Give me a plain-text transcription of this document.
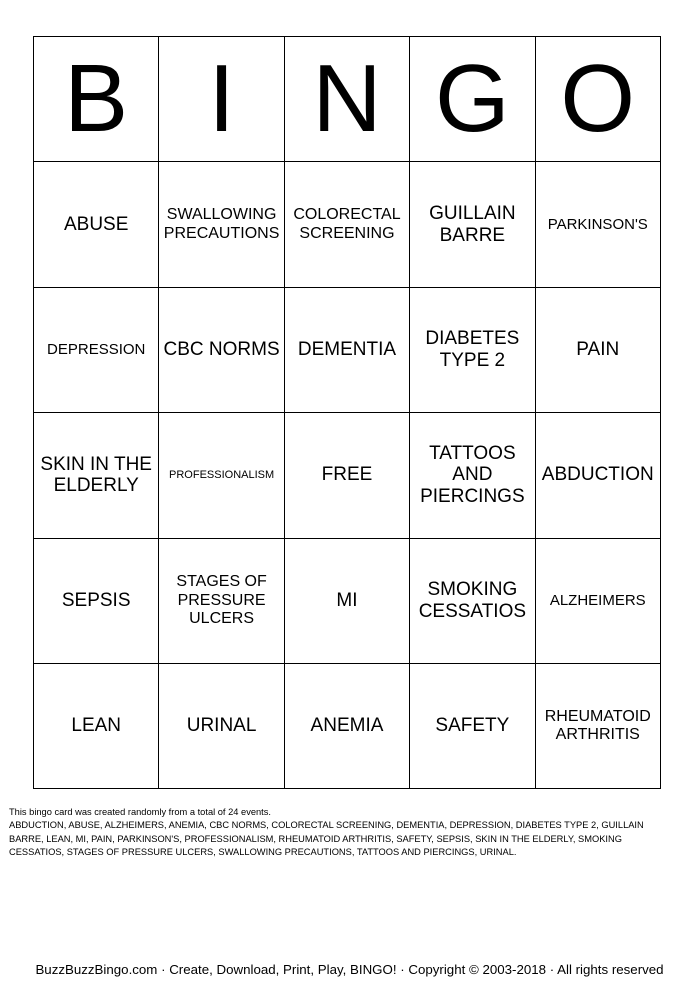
B	I	N	G	O
ABUSE	SWALLOWING PRECAUTIONS	COLORECTAL SCREENING	GUILLAIN BARRE	PARKINSON'S
DEPRESSION	CBC NORMS	DEMENTIA	DIABETES TYPE 2	PAIN
SKIN IN THE ELDERLY	PROFESSIONALISM	FREE	TATTOOS AND PIERCINGS	ABDUCTION
SEPSIS	STAGES OF PRESSURE ULCERS	MI	SMOKING CESSATIOS	ALZHEIMERS
LEAN	URINAL	ANEMIA	SAFETY	RHEUMATOID ARTHRITIS

This bingo card was created randomly from a total of 24 events.

ABDUCTION, ABUSE, ALZHEIMERS, ANEMIA, CBC NORMS, COLORECTAL SCREENING, DEMENTIA, DEPRESSION, DIABETES TYPE 2, GUILLAIN BARRE, LEAN, MI, PAIN, PARKINSON'S, PROFESSIONALISM, RHEUMATOID ARTHRITIS, SAFETY, SEPSIS, SKIN IN THE ELDERLY, SMOKING CESSATIOS, STAGES OF PRESSURE ULCERS, SWALLOWING PRECAUTIONS, TATTOOS AND PIERCINGS, URINAL.

BuzzBuzzBingo.com · Create, Download, Print, Play, BINGO! · Copyright © 2003-2018 · All rights reserved
